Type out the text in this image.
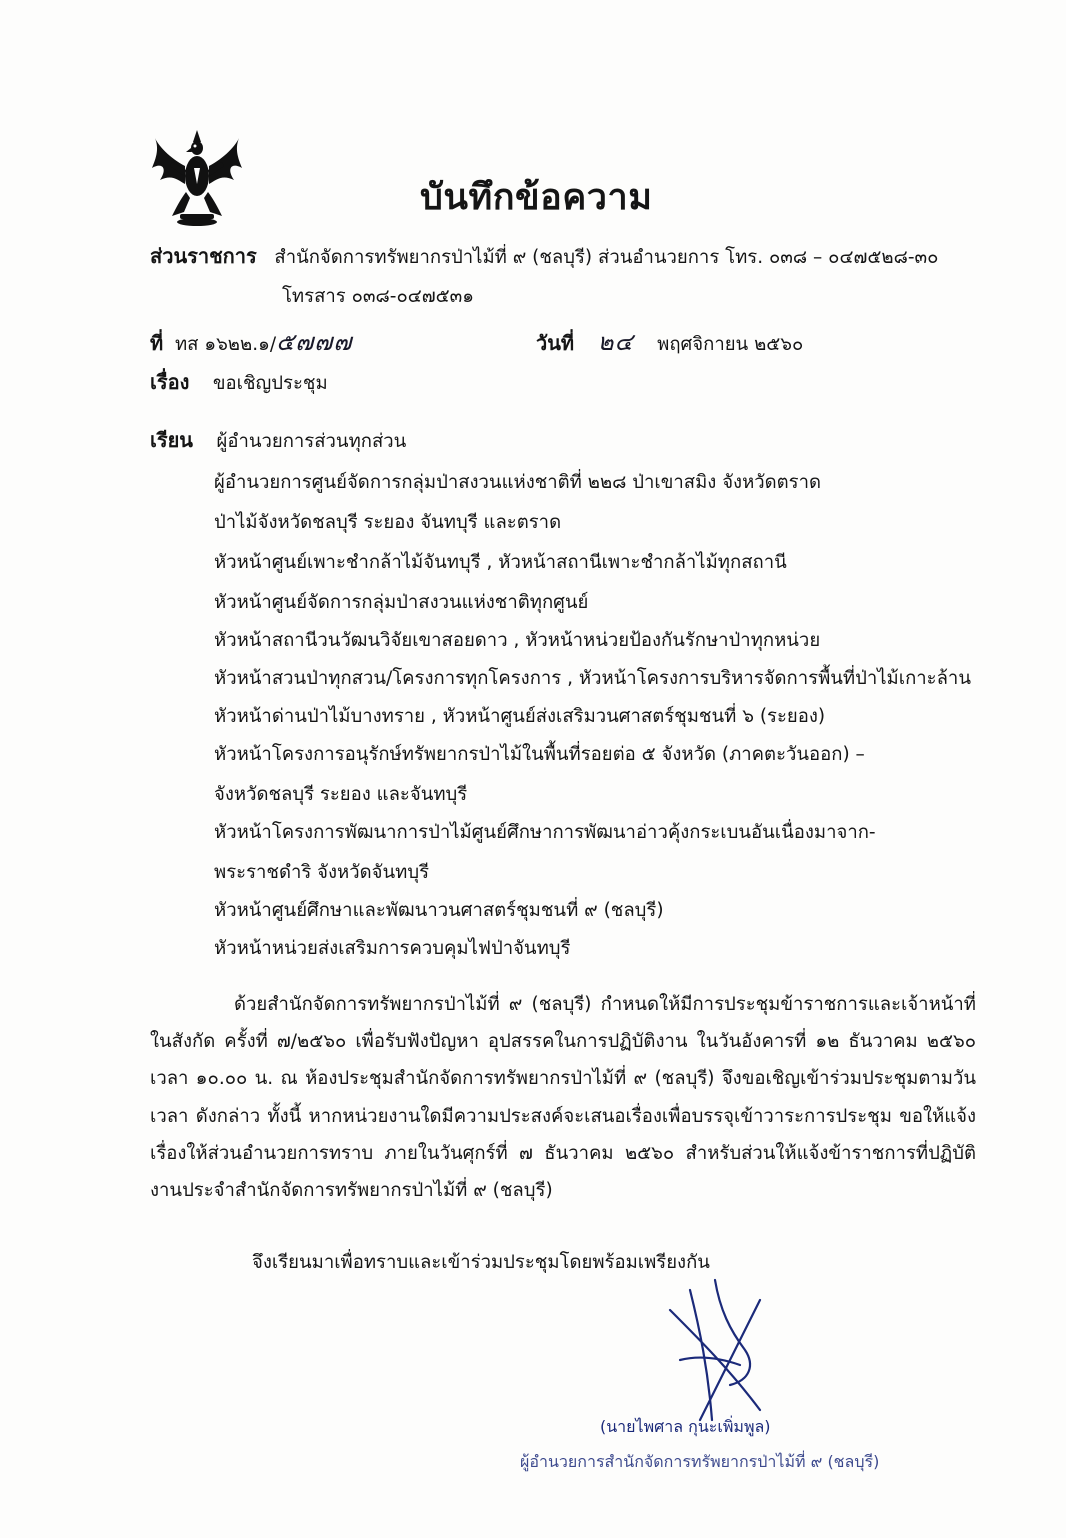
บันทึกข้อความ
ส่วนราชการ สำนักจัดการทรัพยากรป่าไม้ที่ ๙ (ชลบุรี) ส่วนอำนวยการ โทร. ๐๓๘ – ๐๔๗๕๒๘-๓๐
โทรสาร ๐๓๘-๐๔๗๕๓๑
ที่ ทส ๑๖๒๒.๑/๕๗๗๗	วันที่ ๒๔ พฤศจิกายน ๒๕๖๐
เรื่อง ขอเชิญประชุม
เรียน ผู้อำนวยการส่วนทุกส่วน
ผู้อำนวยการศูนย์จัดการกลุ่มป่าสงวนแห่งชาติที่ ๒๒๘ ป่าเขาสมิง จังหวัดตราด
ป่าไม้จังหวัดชลบุรี ระยอง จันทบุรี และตราด
หัวหน้าศูนย์เพาะชำกล้าไม้จันทบุรี , หัวหน้าสถานีเพาะชำกล้าไม้ทุกสถานี
หัวหน้าศูนย์จัดการกลุ่มป่าสงวนแห่งชาติทุกศูนย์
หัวหน้าสถานีวนวัฒนวิจัยเขาสอยดาว , หัวหน้าหน่วยป้องกันรักษาป่าทุกหน่วย
หัวหน้าสวนป่าทุกสวน/โครงการทุกโครงการ , หัวหน้าโครงการบริหารจัดการพื้นที่ป่าไม้เกาะล้าน
หัวหน้าด่านป่าไม้บางทราย , หัวหน้าศูนย์ส่งเสริมวนศาสตร์ชุมชนที่ ๖ (ระยอง)
หัวหน้าโครงการอนุรักษ์ทรัพยากรป่าไม้ในพื้นที่รอยต่อ ๕ จังหวัด (ภาคตะวันออก) –
จังหวัดชลบุรี ระยอง และจันทบุรี
หัวหน้าโครงการพัฒนาการป่าไม้ศูนย์ศึกษาการพัฒนาอ่าวคุ้งกระเบนอันเนื่องมาจาก-
พระราชดำริ จังหวัดจันทบุรี
หัวหน้าศูนย์ศึกษาและพัฒนาวนศาสตร์ชุมชนที่ ๙ (ชลบุรี)
หัวหน้าหน่วยส่งเสริมการควบคุมไฟป่าจันทบุรี
ด้วยสำนักจัดการทรัพยากรป่าไม้ที่ ๙ (ชลบุรี) กำหนดให้มีการประชุมข้าราชการและเจ้าหน้าที่ในสังกัด ครั้งที่ ๗/๒๕๖๐ เพื่อรับฟังปัญหา อุปสรรคในการปฏิบัติงาน ในวันอังคารที่ ๑๒ ธันวาคม ๒๕๖๐ เวลา ๑๐.๐๐ น. ณ ห้องประชุมสำนักจัดการทรัพยากรป่าไม้ที่ ๙ (ชลบุรี) จึงขอเชิญเข้าร่วมประชุมตามวัน เวลา ดังกล่าว ทั้งนี้ หากหน่วยงานใดมีความประสงค์จะเสนอเรื่องเพื่อบรรจุเข้าวาระการประชุม ขอให้แจ้งเรื่องให้ส่วนอำนวยการทราบ ภายในวันศุกร์ที่ ๗ ธันวาคม ๒๕๖๐ สำหรับส่วนให้แจ้งข้าราชการที่ปฏิบัติงานประจำสำนักจัดการทรัพยากรป่าไม้ที่ ๙ (ชลบุรี)
จึงเรียนมาเพื่อทราบและเข้าร่วมประชุมโดยพร้อมเพรียงกัน
(นายไพศาล กุนะเพิ่มพูล)
ผู้อำนวยการสำนักจัดการทรัพยากรป่าไม้ที่ ๙ (ชลบุรี)
